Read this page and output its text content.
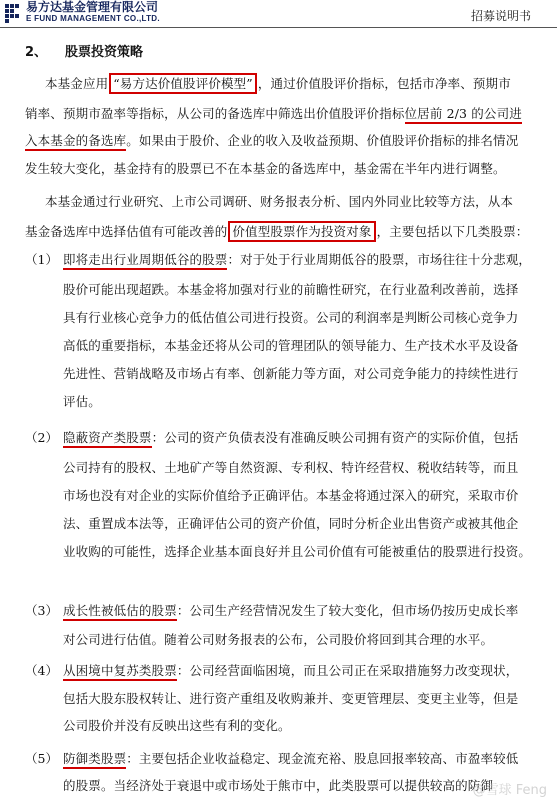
易方达基金管理有限公司
E FUND MANAGEMENT CO.,LTD.	招募说明书
2、 股票投资策略
本基金应用 “易方达价值股评价模型” ，通过价值股评价指标，包括市净率、预期市
销率、预期市盈率等指标，从公司的备选库中筛选出价值股评价指标位居前 2/3 的公司进
入本基金的备选库。如果由于股价、企业的收入及收益预期、价值股评价指标的排名情况
发生较大变化，基金持有的股票已不在本基金的备选库中，基金需在半年内进行调整。
本基金通过行业研究、上市公司调研、财务报表分析、国内外同业比较等方法，从本
基金备选库中选择估值有可能改善的 价值型股票作为投资对象 ，主要包括以下几类股票：
（1） 即将走出行业周期低谷的股票：对于处于行业周期低谷的股票，市场往往十分悲观，
股价可能出现超跌。本基金将加强对行业的前瞻性研究，在行业盈利改善前，选择
具有行业核心竞争力的低估值公司进行投资。公司的利润率是判断公司核心竞争力
高低的重要指标，本基金还将从公司的管理团队的领导能力、生产技术水平及设备
先进性、营销战略及市场占有率、创新能力等方面，对公司竞争能力的持续性进行
评估。
（2） 隐蔽资产类股票：公司的资产负债表没有准确反映公司拥有资产的实际价值，包括
公司持有的股权、土地矿产等自然资源、专利权、特许经营权、税收结转等，而且
市场也没有对企业的实际价值给予正确评估。本基金将通过深入的研究，采取市价
法、重置成本法等，正确评估公司的资产价值，同时分析企业出售资产或被其他企
业收购的可能性，选择企业基本面良好并且公司价值有可能被重估的股票进行投资。
（3） 成长性被低估的股票：公司生产经营情况发生了较大变化，但市场仍按历史成长率
对公司进行估值。随着公司财务报表的公布，公司股价将回到其合理的水平。
（4） 从困境中复苏类股票：公司经营面临困境，而且公司正在采取措施努力改变现状，
包括大股东股权转让、进行资产重组及收购兼并、变更管理层、变更主业等，但是
公司股价并没有反映出这些有利的变化。
（5） 防御类股票：主要包括企业收益稳定、现金流充裕、股息回报率较高、市盈率较低
的股票。当经济处于衰退中或市场处于熊市中，此类股票可以提供较高的防御
@雪球 Feng
